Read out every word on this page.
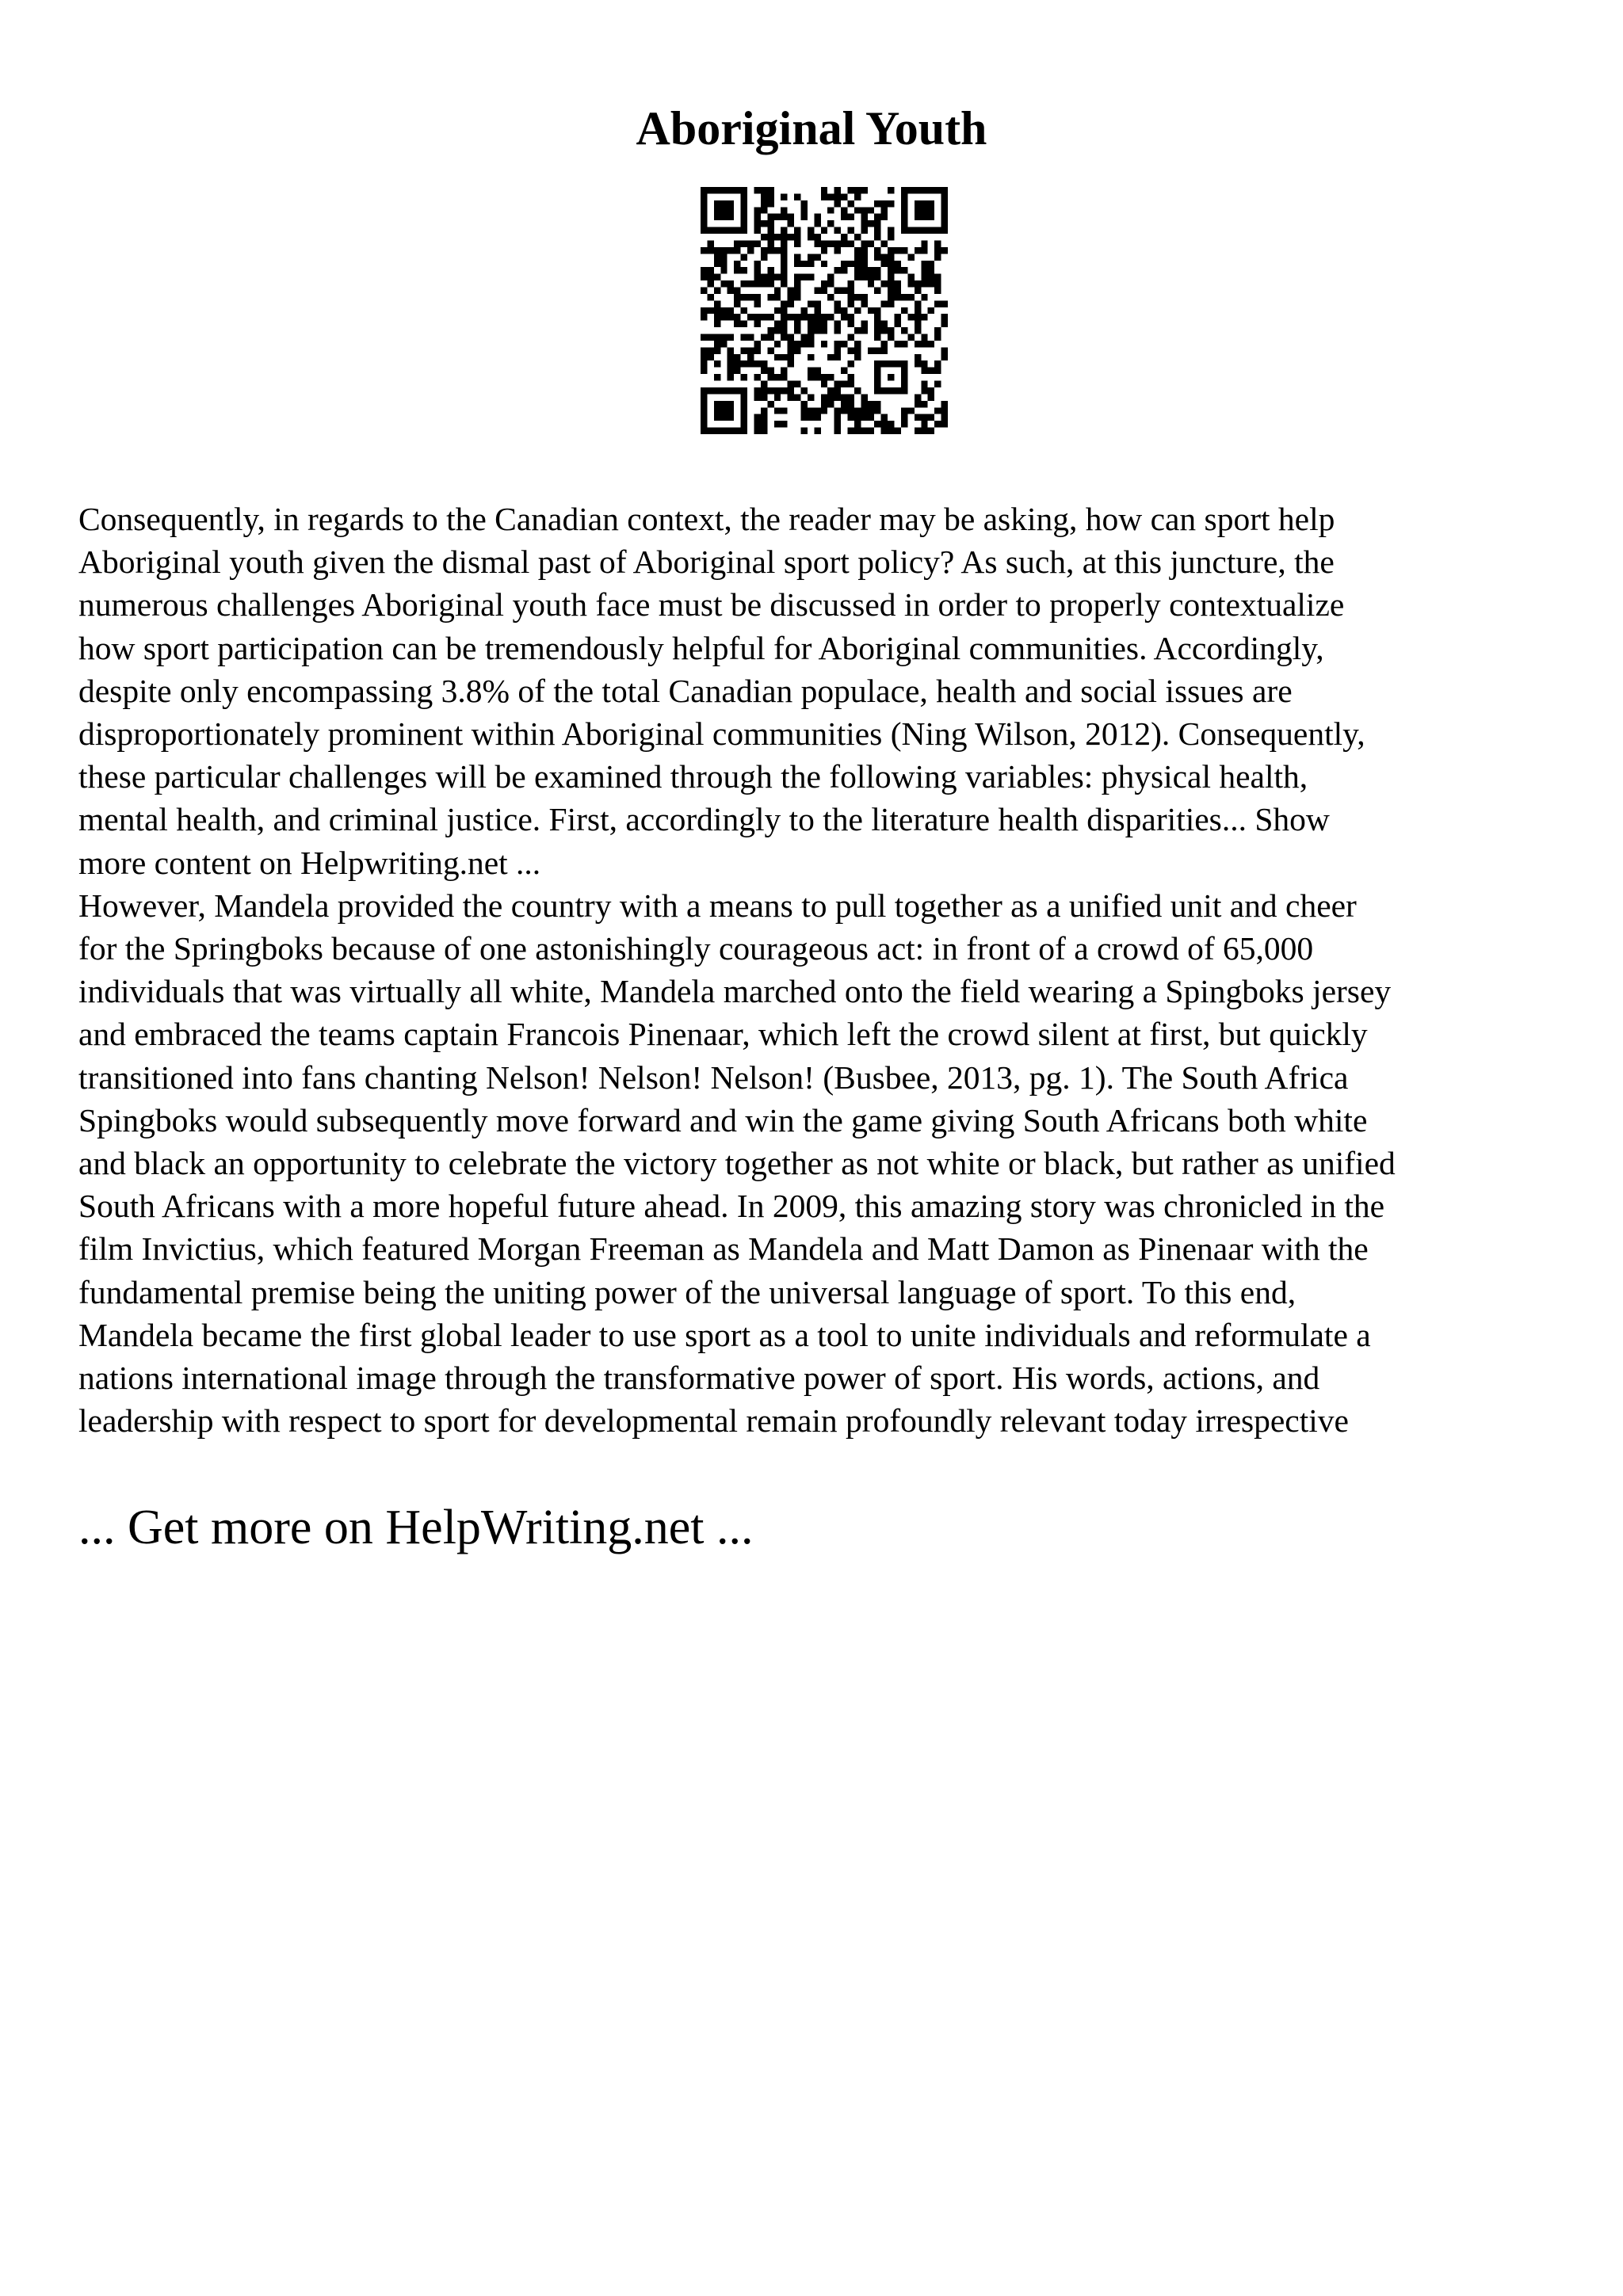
Aboriginal Youth
Consequently, in regards to the Canadian context, the reader may be asking, how can sport help
Aboriginal youth given the dismal past of Aboriginal sport policy? As such, at this juncture, the
numerous challenges Aboriginal youth face must be discussed in order to properly contextualize
how sport participation can be tremendously helpful for Aboriginal communities. Accordingly,
despite only encompassing 3.8% of the total Canadian populace, health and social issues are
disproportionately prominent within Aboriginal communities (Ning Wilson, 2012). Consequently,
these particular challenges will be examined through the following variables: physical health,
mental health, and criminal justice. First, accordingly to the literature health disparities... Show
more content on Helpwriting.net ...
However, Mandela provided the country with a means to pull together as a unified unit and cheer
for the Springboks because of one astonishingly courageous act: in front of a crowd of 65,000
individuals that was virtually all white, Mandela marched onto the field wearing a Spingboks jersey
and embraced the teams captain Francois Pinenaar, which left the crowd silent at first, but quickly
transitioned into fans chanting Nelson! Nelson! Nelson! (Busbee, 2013, pg. 1). The South Africa
Spingboks would subsequently move forward and win the game giving South Africans both white
and black an opportunity to celebrate the victory together as not white or black, but rather as unified
South Africans with a more hopeful future ahead. In 2009, this amazing story was chronicled in the
film Invictius, which featured Morgan Freeman as Mandela and Matt Damon as Pinenaar with the
fundamental premise being the uniting power of the universal language of sport. To this end,
Mandela became the first global leader to use sport as a tool to unite individuals and reformulate a
nations international image through the transformative power of sport. His words, actions, and
leadership with respect to sport for developmental remain profoundly relevant today irrespective
... Get more on HelpWriting.net ...
